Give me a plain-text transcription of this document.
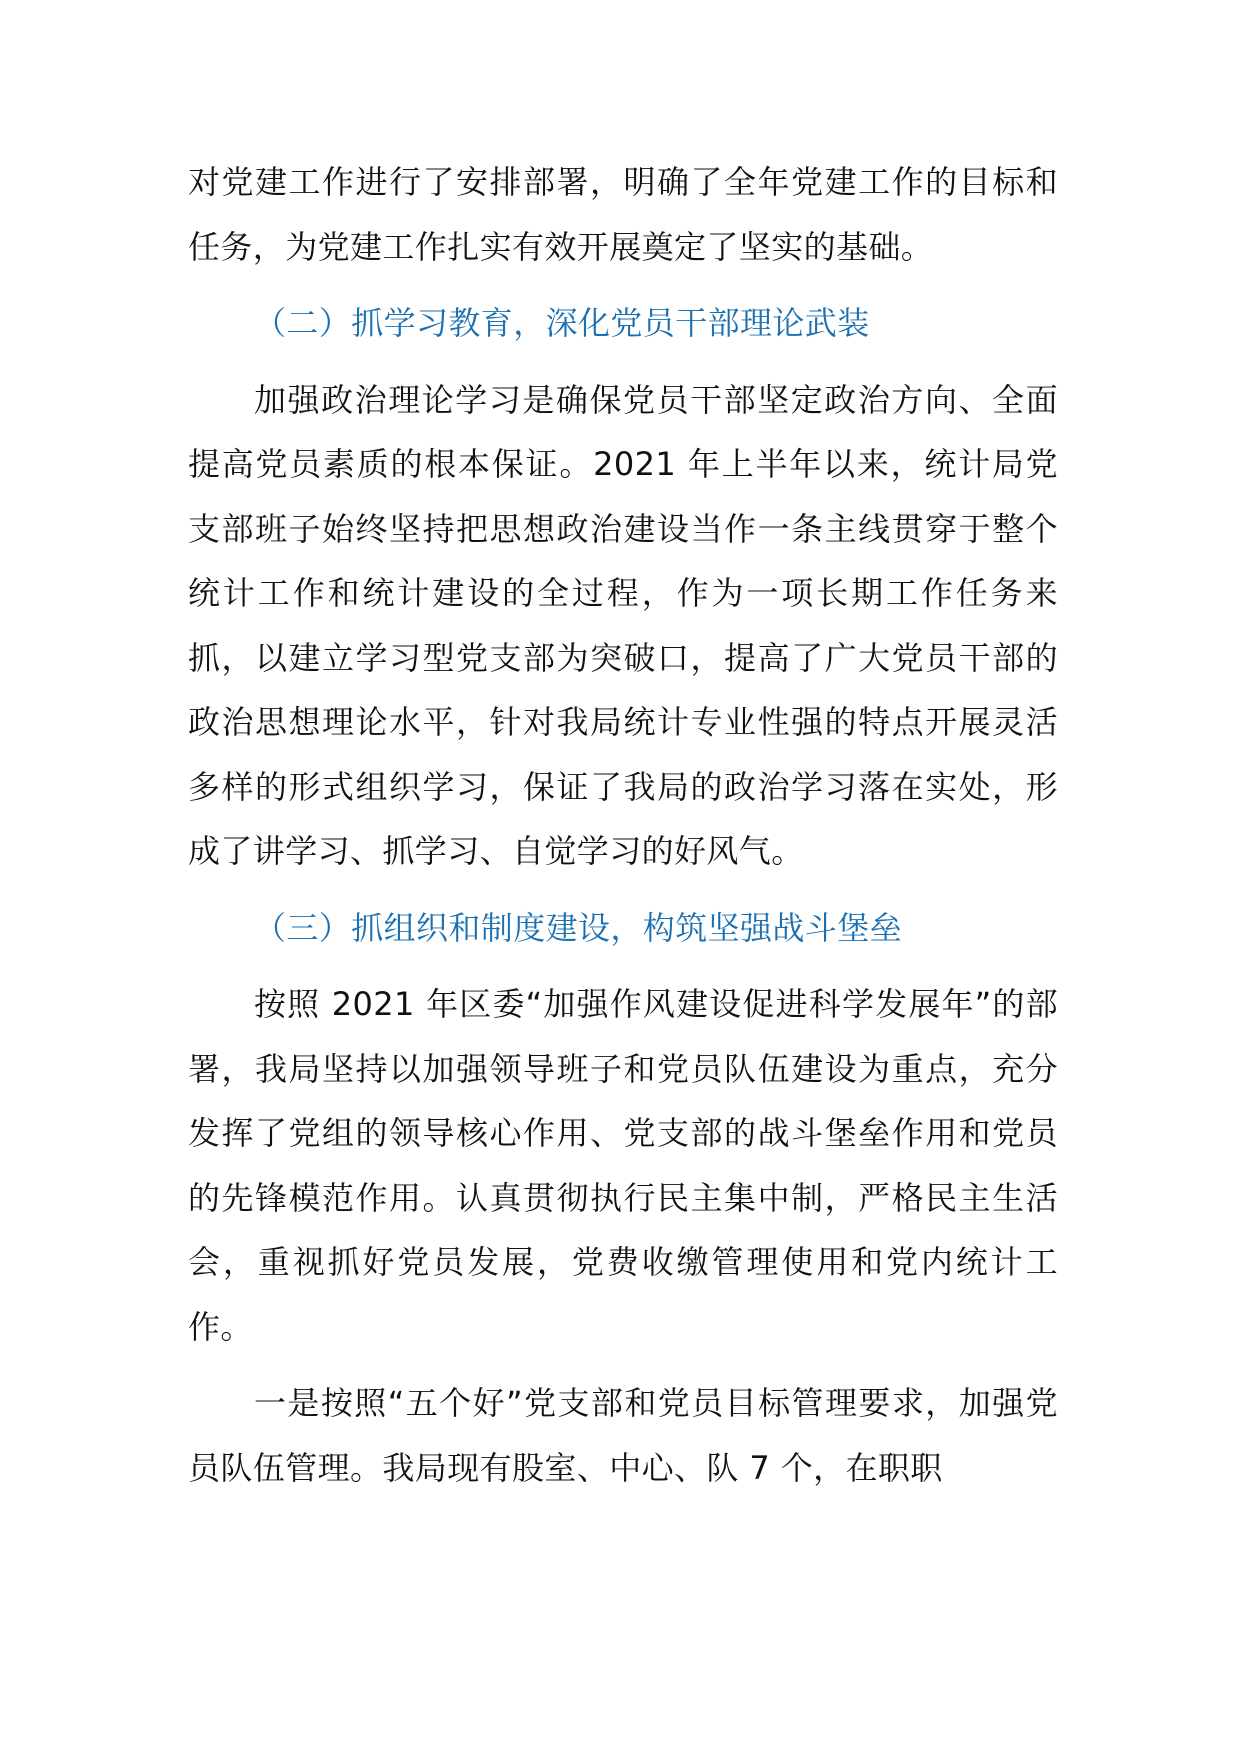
对党建工作进行了安排部署，明确了全年党建工作的目标和任务，为党建工作扎实有效开展奠定了坚实的基础。

（二）抓学习教育，深化党员干部理论武装

加强政治理论学习是确保党员干部坚定政治方向、全面提高党员素质的根本保证。2021 年上半年以来，统计局党支部班子始终坚持把思想政治建设当作一条主线贯穿于整个统计工作和统计建设的全过程，作为一项长期工作任务来抓，以建立学习型党支部为突破口，提高了广大党员干部的政治思想理论水平，针对我局统计专业性强的特点开展灵活多样的形式组织学习，保证了我局的政治学习落在实处，形成了讲学习、抓学习、自觉学习的好风气。

（三）抓组织和制度建设，构筑坚强战斗堡垒

按照 2021 年区委“加强作风建设促进科学发展年”的部署，我局坚持以加强领导班子和党员队伍建设为重点，充分发挥了党组的领导核心作用、党支部的战斗堡垒作用和党员的先锋模范作用。认真贯彻执行民主集中制，严格民主生活会，重视抓好党员发展，党费收缴管理使用和党内统计工作。

一是按照“五个好”党支部和党员目标管理要求，加强党员队伍管理。我局现有股室、中心、队 7 个，在职职
